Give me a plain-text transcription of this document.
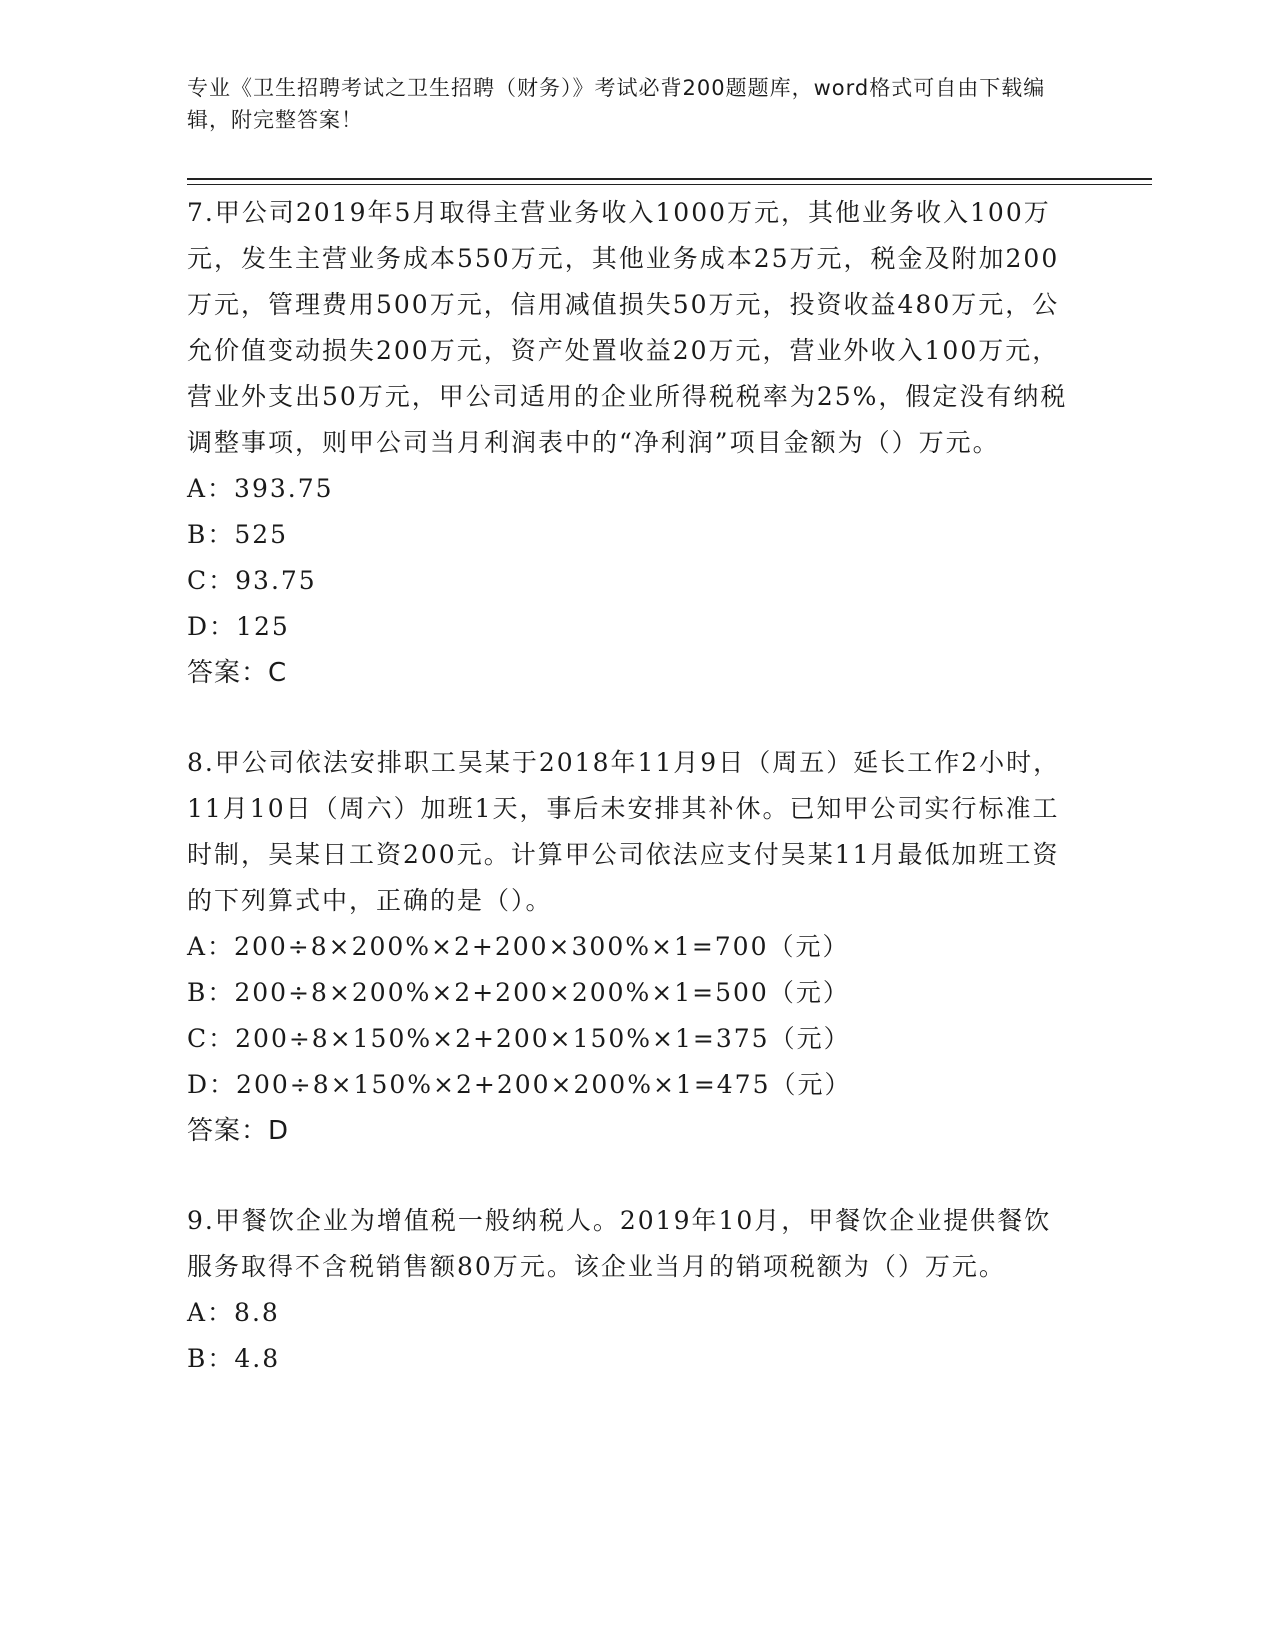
专业《卫生招聘考试之卫生招聘（财务）》考试必背200题题库，word格式可自由下载编辑，附完整答案！
7.甲公司2019年5月取得主营业务收入1000万元，其他业务收入100万元，发生主营业务成本550万元，其他业务成本25万元，税金及附加200万元，管理费用500万元，信用减值损失50万元，投资收益480万元，公允价值变动损失200万元，资产处置收益20万元，营业外收入100万元，营业外支出50万元，甲公司适用的企业所得税税率为25%，假定没有纳税调整事项，则甲公司当月利润表中的“净利润”项目金额为（）万元。
A：393.75
B：525
C：93.75
D：125
答案：C
8.甲公司依法安排职工吴某于2018年11月9日（周五）延长工作2小时，11月10日（周六）加班1天，事后未安排其补休。已知甲公司实行标准工时制，吴某日工资200元。计算甲公司依法应支付吴某11月最低加班工资的下列算式中，正确的是（）。
A：200÷8×200%×2+200×300%×1=700（元）
B：200÷8×200%×2+200×200%×1=500（元）
C：200÷8×150%×2+200×150%×1=375（元）
D：200÷8×150%×2+200×200%×1=475（元）
答案：D
9.甲餐饮企业为增值税一般纳税人。2019年10月，甲餐饮企业提供餐饮服务取得不含税销售额80万元。该企业当月的销项税额为（）万元。
A：8.8
B：4.8
